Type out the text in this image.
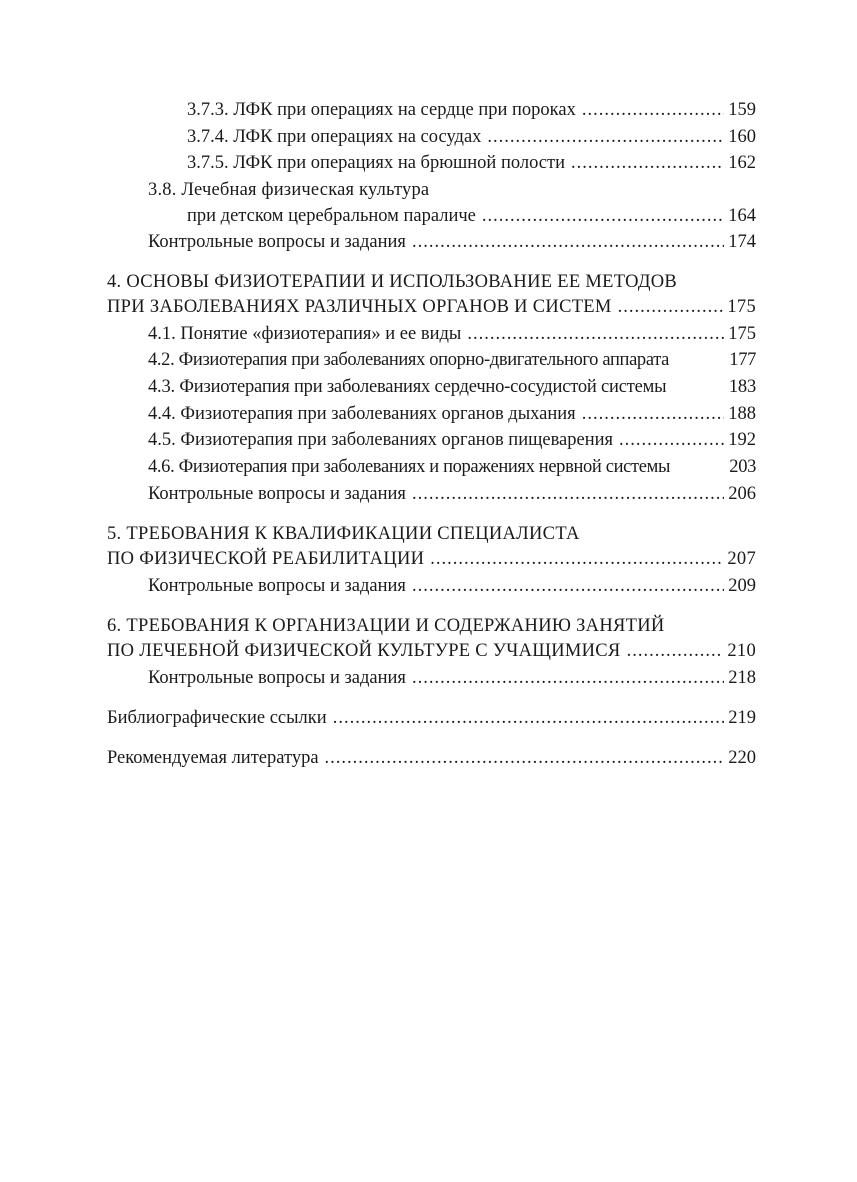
3.7.3. ЛФК при операциях на сердце при пороках .....	159
3.7.4. ЛФК при операциях на сосудах .....	160
3.7.5. ЛФК при операциях на брюшной полости .....	162
3.8. Лечебная физическая культура
при детском церебральном параличе .....	164
Контрольные вопросы и задания .....	174
4. ОСНОВЫ ФИЗИОТЕРАПИИ И ИСПОЛЬЗОВАНИЕ ЕЕ МЕТОДОВ
ПРИ ЗАБОЛЕВАНИЯХ РАЗЛИЧНЫХ ОРГАНОВ И СИСТЕМ .....	175
4.1. Понятие «физиотерапия» и ее виды .....	175
4.2. Физиотерапия при заболеваниях опорно-двигательного аппарата	177
4.3. Физиотерапия при заболеваниях сердечно-сосудистой системы	183
4.4. Физиотерапия при заболеваниях органов дыхания .....	188
4.5. Физиотерапия при заболеваниях органов пищеварения .....	192
4.6. Физиотерапия при заболеваниях и поражениях нервной системы	203
Контрольные вопросы и задания .....	206
5. ТРЕБОВАНИЯ К КВАЛИФИКАЦИИ СПЕЦИАЛИСТА
ПО ФИЗИЧЕСКОЙ РЕАБИЛИТАЦИИ .....	207
Контрольные вопросы и задания .....	209
6. ТРЕБОВАНИЯ К ОРГАНИЗАЦИИ И СОДЕРЖАНИЮ ЗАНЯТИЙ
ПО ЛЕЧЕБНОЙ ФИЗИЧЕСКОЙ КУЛЬТУРЕ С УЧАЩИМИСЯ .....	210
Контрольные вопросы и задания .....	218
Библиографические ссылки .....	219
Рекомендуемая литература .....	220
